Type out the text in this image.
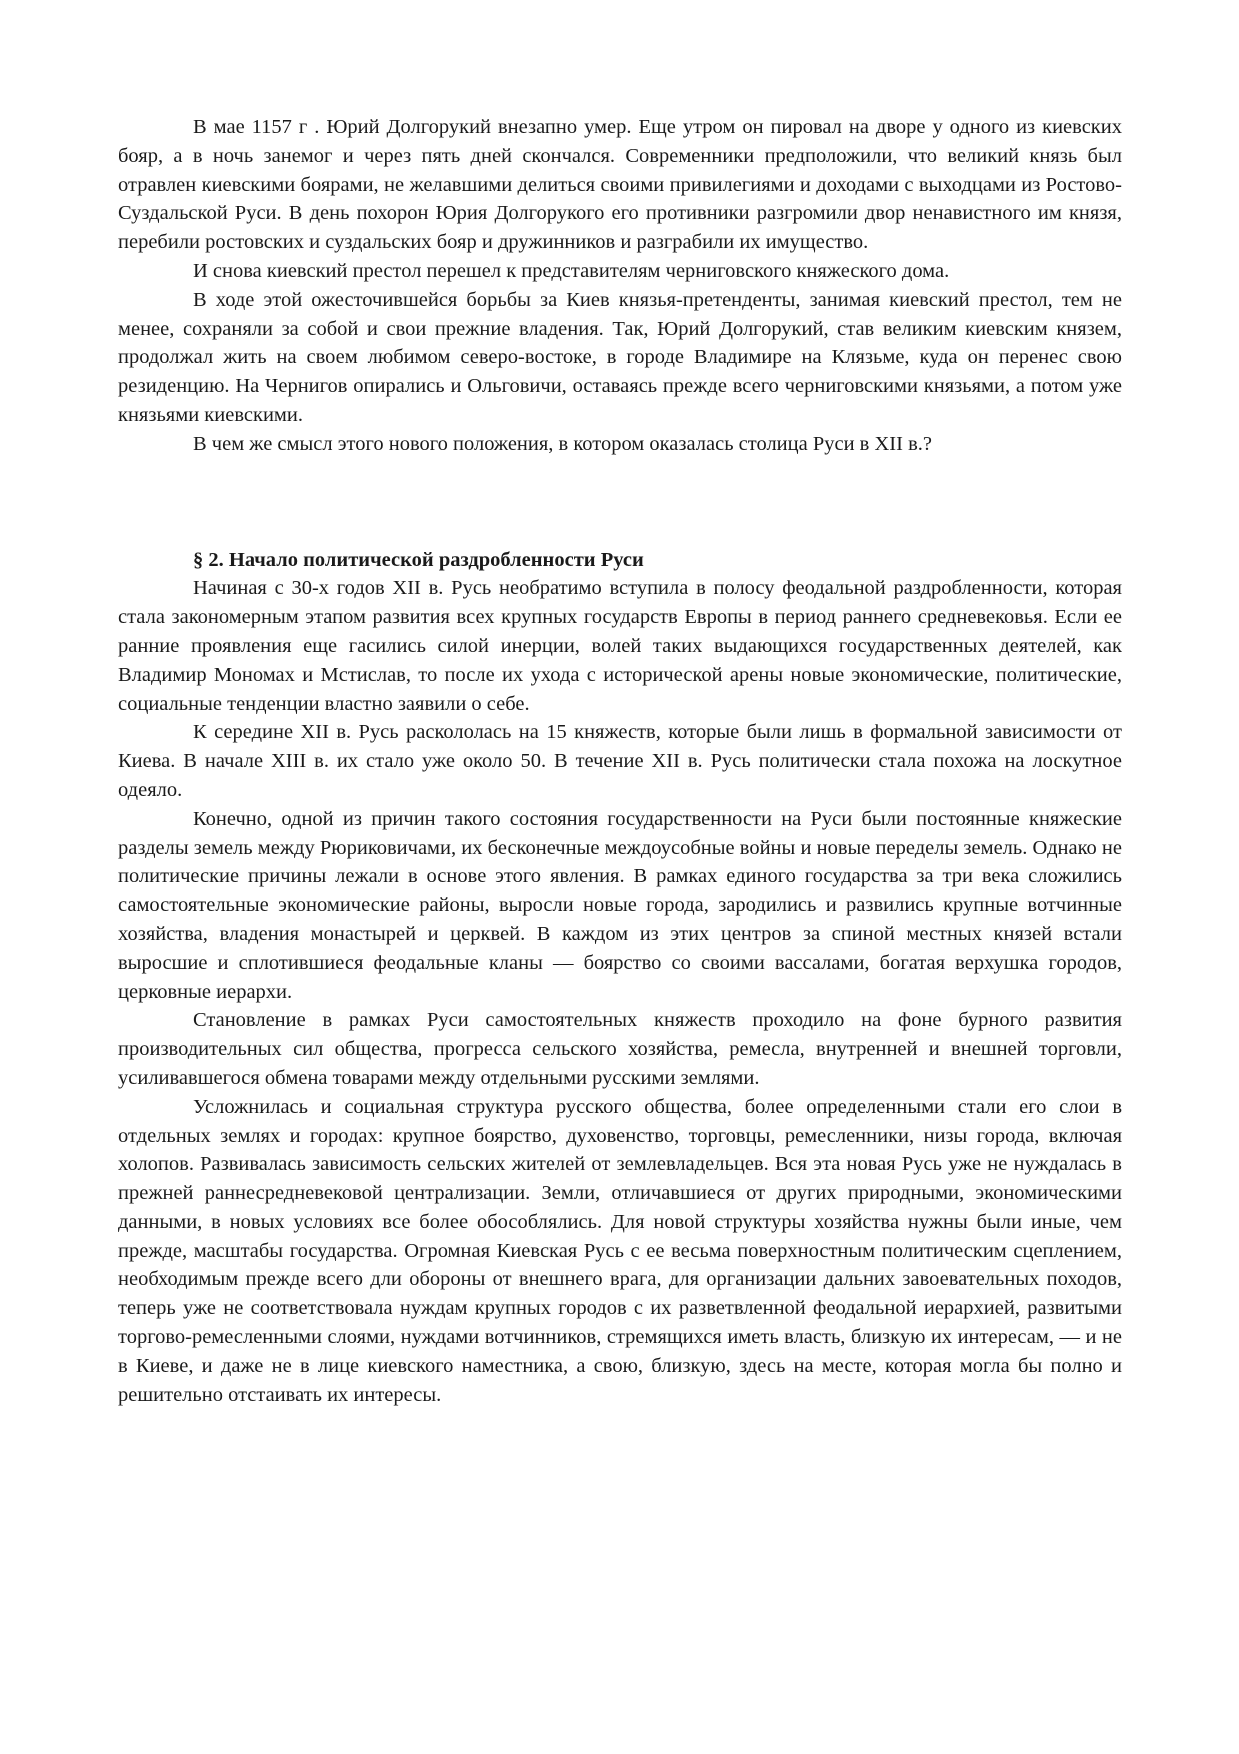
В мае 1157 г . Юрий Долгорукий внезапно умер. Еще утром он пировал на дворе у одного из киевских бояр, а в ночь занемог и через пять дней скончался. Современники предположили, что великий князь был отравлен киевскими боярами, не желавшими делиться своими привилегиями и доходами с выходцами из Ростово-Суздальской Руси. В день похорон Юрия Долгорукого его противники разгромили двор ненавистного им князя, перебили ростовских и суздальских бояр и дружинников и разграбили их имущество.

И снова киевский престол перешел к представителям черниговского княжеского дома.

В ходе этой ожесточившейся борьбы за Киев князья-претенденты, занимая киевский престол, тем не менее, сохраняли за собой и свои прежние владения. Так, Юрий Долгорукий, став великим киевским князем, продолжал жить на своем любимом северо-востоке, в городе Владимире на Клязьме, куда он перенес свою резиденцию. На Чернигов опирались и Ольговичи, оставаясь прежде всего черниговскими князьями, а потом уже князьями киевскими.

В чем же смысл этого нового положения, в котором оказалась столица Руси в XII в.?

§ 2. Начало политической раздробленности Руси

Начиная с 30-х годов XII в. Русь необратимо вступила в полосу феодальной раздробленности, которая стала закономерным этапом развития всех крупных государств Европы в период раннего средневековья. Если ее ранние проявления еще гасились силой инерции, волей таких выдающихся государственных деятелей, как Владимир Мономах и Мстислав, то после их ухода с исторической арены новые экономические, политические, социальные тенденции властно заявили о себе.

К середине XII в. Русь раскололась на 15 княжеств, которые были лишь в формальной зависимости от Киева. В начале XIII в. их стало уже около 50. В течение XII в. Русь политически стала похожа на лоскутное одеяло.

Конечно, одной из причин такого состояния государственности на Руси были постоянные княжеские разделы земель между Рюриковичами, их бесконечные междоусобные войны и новые переделы земель. Однако не политические причины лежали в основе этого явления. В рамках единого государства за три века сложились самостоятельные экономические районы, выросли новые города, зародились и развились крупные вотчинные хозяйства, владения монастырей и церквей. В каждом из этих центров за спиной местных князей встали выросшие и сплотившиеся феодальные кланы — боярство со своими вассалами, богатая верхушка городов, церковные иерархи.

Становление в рамках Руси самостоятельных княжеств проходило на фоне бурного развития производительных сил общества, прогресса сельского хозяйства, ремесла, внутренней и внешней торговли, усиливавшегося обмена товарами между отдельными русскими землями.

Усложнилась и социальная структура русского общества, более определенными стали его слои в отдельных землях и городах: крупное боярство, духовенство, торговцы, ремесленники, низы города, включая холопов. Развивалась зависимость сельских жителей от землевладельцев. Вся эта новая Русь уже не нуждалась в прежней раннесредневековой централизации. Земли, отличавшиеся от других природными, экономическими данными, в новых условиях все более обособлялись. Для новой структуры хозяйства нужны были иные, чем прежде, масштабы государства. Огромная Киевская Русь с ее весьма поверхностным политическим сцеплением, необходимым прежде всего дли обороны от внешнего врага, для организации дальних завоевательных походов, теперь уже не соответствовала нуждам крупных городов с их разветвленной феодальной иерархией, развитыми торгово-ремесленными слоями, нуждами вотчинников, стремящихся иметь власть, близкую их интересам, — и не в Киеве, и даже не в лице киевского наместника, а свою, близкую, здесь на месте, которая могла бы полно и решительно отстаивать их интересы.
